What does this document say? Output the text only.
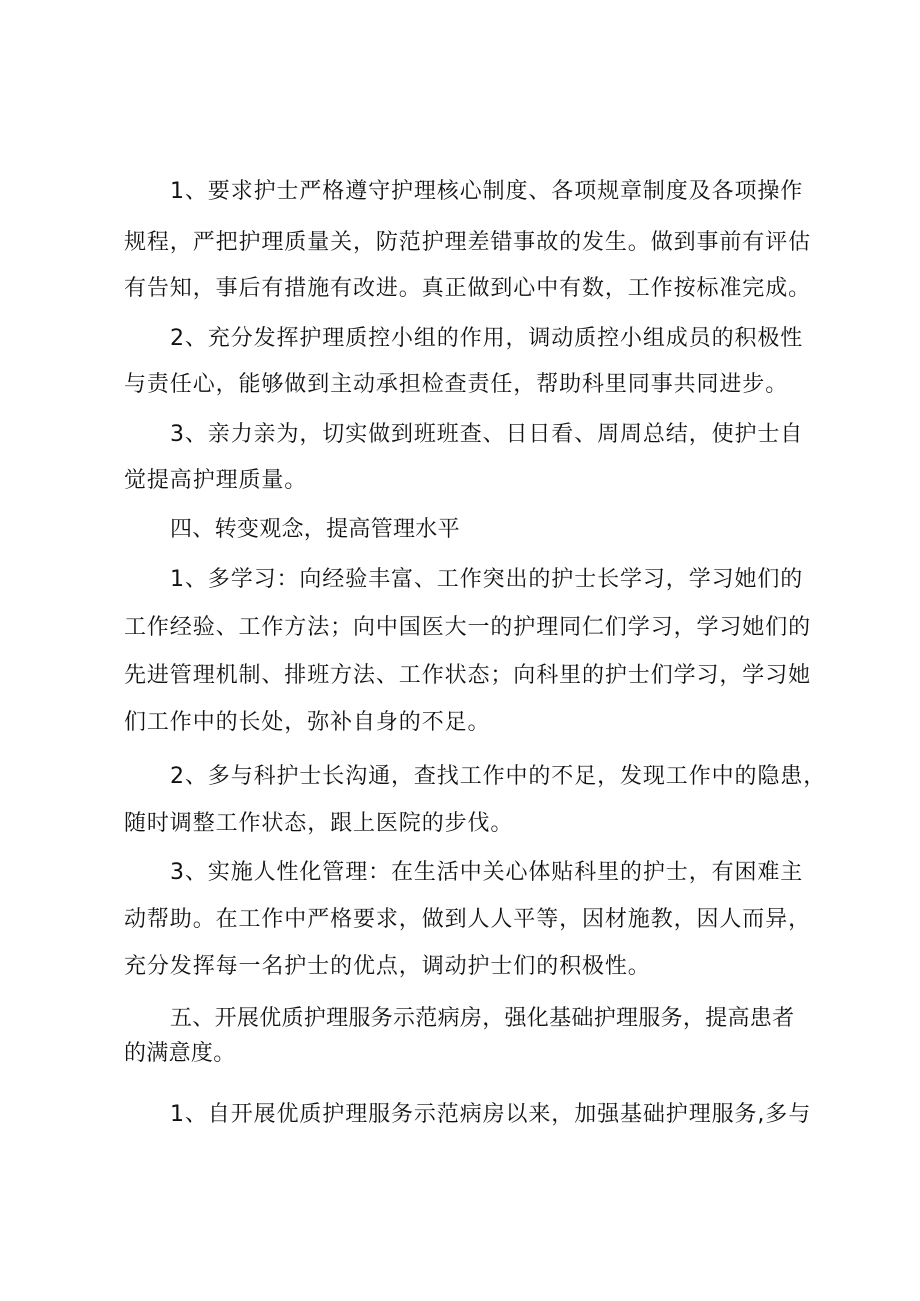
1、要求护士严格遵守护理核心制度、各项规章制度及各项操作
规程，严把护理质量关，防范护理差错事故的发生。做到事前有评估
有告知，事后有措施有改进。真正做到心中有数，工作按标准完成。
2、充分发挥护理质控小组的作用，调动质控小组成员的积极性
与责任心，能够做到主动承担检查责任，帮助科里同事共同进步。
3、亲力亲为，切实做到班班查、日日看、周周总结，使护士自
觉提高护理质量。
四、转变观念，提高管理水平
1、多学习：向经验丰富、工作突出的护士长学习，学习她们的
工作经验、工作方法；向中国医大一的护理同仁们学习，学习她们的
先进管理机制、排班方法、工作状态；向科里的护士们学习，学习她
们工作中的长处，弥补自身的不足。
2、多与科护士长沟通，查找工作中的不足，发现工作中的隐患，
随时调整工作状态，跟上医院的步伐。
3、实施人性化管理：在生活中关心体贴科里的护士，有困难主
动帮助。在工作中严格要求，做到人人平等，因材施教，因人而异，
充分发挥每一名护士的优点，调动护士们的积极性。
五、开展优质护理服务示范病房，强化基础护理服务，提高患者
的满意度。
1、自开展优质护理服务示范病房以来，加强基础护理服务,多与
